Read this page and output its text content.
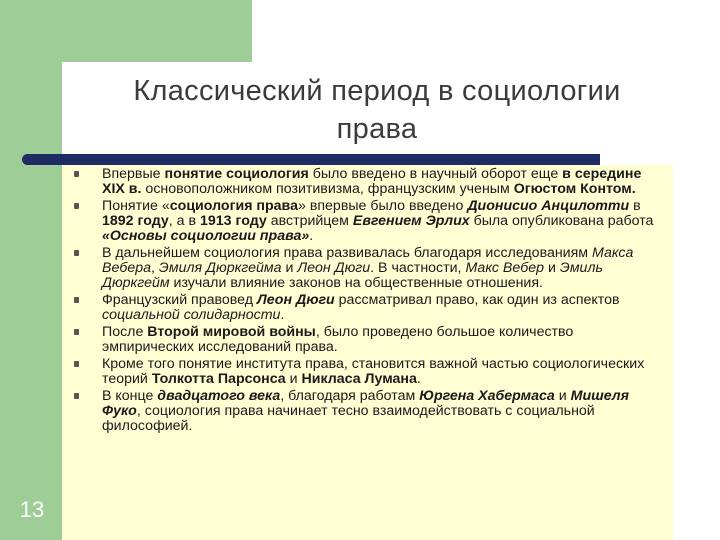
Классический период в социологии
права
Впервые понятие социология было введено в научный оборот еще в середине XIX в. основоположником позитивизма, французским ученым Огюстом Контом.
Понятие «социология права» впервые было введено Дионисио Анцилотти в 1892 году, а в 1913 году австрийцем Евгением Эрлих была опубликована работа «Основы социологии права».
В дальнейшем социология права развивалась благодаря исследованиям Макса Вебера, Эмиля Дюркгейма и Леон Дюги. В частности, Макс Вебер и Эмиль Дюркгейм изучали влияние законов на общественные отношения.
Французский правовед Леон Дюги рассматривал право, как один из аспектов социальной солидарности.
После Второй мировой войны, было проведено большое количество эмпирических исследований права.
Кроме того понятие института права, становится важной частью социологических теорий Толкотта Парсонса и Никласа Лумана.
В конце двадцатого века, благодаря работам Юргена Хабермаса и Мишеля Фуко, социология права начинает тесно взаимодействовать с социальной философией.
13
